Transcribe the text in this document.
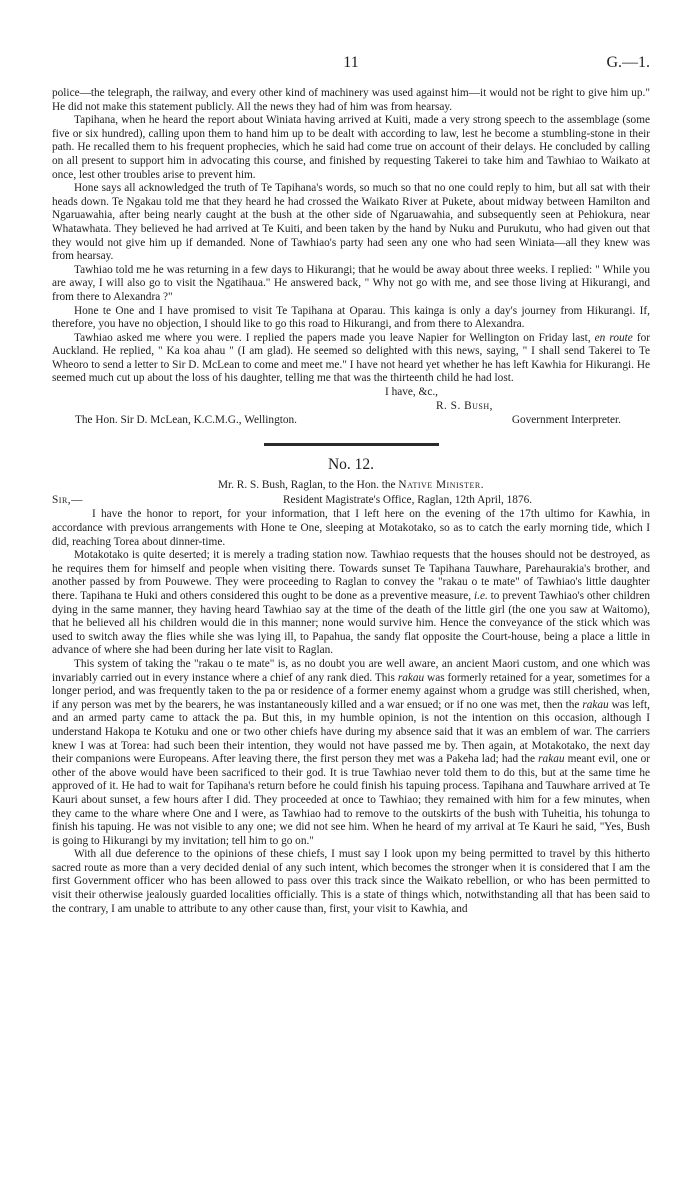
11	G.—1.

police—the telegraph, the railway, and every other kind of machinery was used against him—it would not be right to give him up." He did not make this statement publicly. All the news they had of him was from hearsay.

Tapihana, when he heard the report about Winiata having arrived at Kuiti, made a very strong speech to the assemblage (some five or six hundred), calling upon them to hand him up to be dealt with according to law, lest he become a stumbling-stone in their path. He recalled them to his frequent prophecies, which he said had come true on account of their delays. He concluded by calling on all present to support him in advocating this course, and finished by requesting Takerei to take him and Tawhiao to Waikato at once, lest other troubles arise to prevent him.

Hone says all acknowledged the truth of Te Tapihana's words, so much so that no one could reply to him, but all sat with their heads down. Te Ngakau told me that they heard he had crossed the Waikato River at Pukete, about midway between Hamilton and Ngaruawahia, after being nearly caught at the bush at the other side of Ngaruawahia, and subsequently seen at Pehiokura, near Whatawhata. They believed he had arrived at Te Kuiti, and been taken by the hand by Nuku and Purukutu, who had given out that they would not give him up if demanded. None of Tawhiao's party had seen any one who had seen Winiata—all they knew was from hearsay.

Tawhiao told me he was returning in a few days to Hikurangi; that he would be away about three weeks. I replied: " While you are away, I will also go to visit the Ngatihaua." He answered back, " Why not go with me, and see those living at Hikurangi, and from there to Alexandra ?"

Hone te One and I have promised to visit Te Tapihana at Oparau. This kainga is only a day's journey from Hikurangi. If, therefore, you have no objection, I should like to go this road to Hikurangi, and from there to Alexandra.

Tawhiao asked me where you were. I replied the papers made you leave Napier for Wellington on Friday last, en route for Auckland. He replied, " Ka koa ahau " (I am glad). He seemed so delighted with this news, saying, " I shall send Takerei to Te Wheoro to send a letter to Sir D. McLean to come and meet me." I have not heard yet whether he has left Kawhia for Hikurangi. He seemed much cut up about the loss of his daughter, telling me that was the thirteenth child he had lost.

I have, &c.,
R. S. Bush,
The Hon. Sir D. McLean, K.C.M.G., Wellington.	Government Interpreter.
No. 12.
Mr. R. S. Bush, Raglan, to the Hon. the Native Minister.
Sir,—	Resident Magistrate's Office, Raglan, 12th April, 1876.

I have the honor to report, for your information, that I left here on the evening of the 17th ultimo for Kawhia, in accordance with previous arrangements with Hone te One, sleeping at Motakotako, so as to catch the early morning tide, which I did, reaching Torea about dinner-time.

Motakotako is quite deserted; it is merely a trading station now. Tawhiao requests that the houses should not be destroyed, as he requires them for himself and people when visiting there. Towards sunset Te Tapihana Tauwhare, Parehaurakia's brother, and another passed by from Pouwewe. They were proceeding to Raglan to convey the "rakau o te mate" of Tawhiao's little daughter there. Tapihana te Huki and others considered this ought to be done as a preventive measure, i.e. to prevent Tawhiao's other children dying in the same manner, they having heard Tawhiao say at the time of the death of the little girl (the one you saw at Waitomo), that he believed all his children would die in this manner; none would survive him. Hence the conveyance of the stick which was used to switch away the flies while she was lying ill, to Papahua, the sandy flat opposite the Court-house, being a place a little in advance of where she had been during her late visit to Raglan.

This system of taking the "rakau o te mate" is, as no doubt you are well aware, an ancient Maori custom, and one which was invariably carried out in every instance where a chief of any rank died. This rakau was formerly retained for a year, sometimes for a longer period, and was frequently taken to the pa or residence of a former enemy against whom a grudge was still cherished, when, if any person was met by the bearers, he was instantaneously killed and a war ensued; or if no one was met, then the rakau was left, and an armed party came to attack the pa. But this, in my humble opinion, is not the intention on this occasion, although I understand Hakopa te Kotuku and one or two other chiefs have during my absence said that it was an emblem of war. The carriers knew I was at Torea: had such been their intention, they would not have passed me by. Then again, at Motakotako, the next day their companions were Europeans. After leaving there, the first person they met was a Pakeha lad; had the rakau meant evil, one or other of the above would have been sacrificed to their god. It is true Tawhiao never told them to do this, but at the same time he approved of it. He had to wait for Tapihana's return before he could finish his tapuing process. Tapihana and Tauwhare arrived at Te Kauri about sunset, a few hours after I did. They proceeded at once to Tawhiao; they remained with him for a few minutes, when they came to the whare where One and I were, as Tawhiao had to remove to the outskirts of the bush with Tuheitia, his tohunga to finish his tapuing. He was not visible to any one; we did not see him. When he heard of my arrival at Te Kauri he said, "Yes, Bush is going to Hikurangi by my invitation; tell him to go on."

With all due deference to the opinions of these chiefs, I must say I look upon my being permitted to travel by this hitherto sacred route as more than a very decided denial of any such intent, which becomes the stronger when it is considered that I am the first Government officer who has been allowed to pass over this track since the Waikato rebellion, or who has been permitted to visit their otherwise jealously guarded localities officially. This is a state of things which, notwithstanding all that has been said to the contrary, I am unable to attribute to any other cause than, first, your visit to Kawhia, and
